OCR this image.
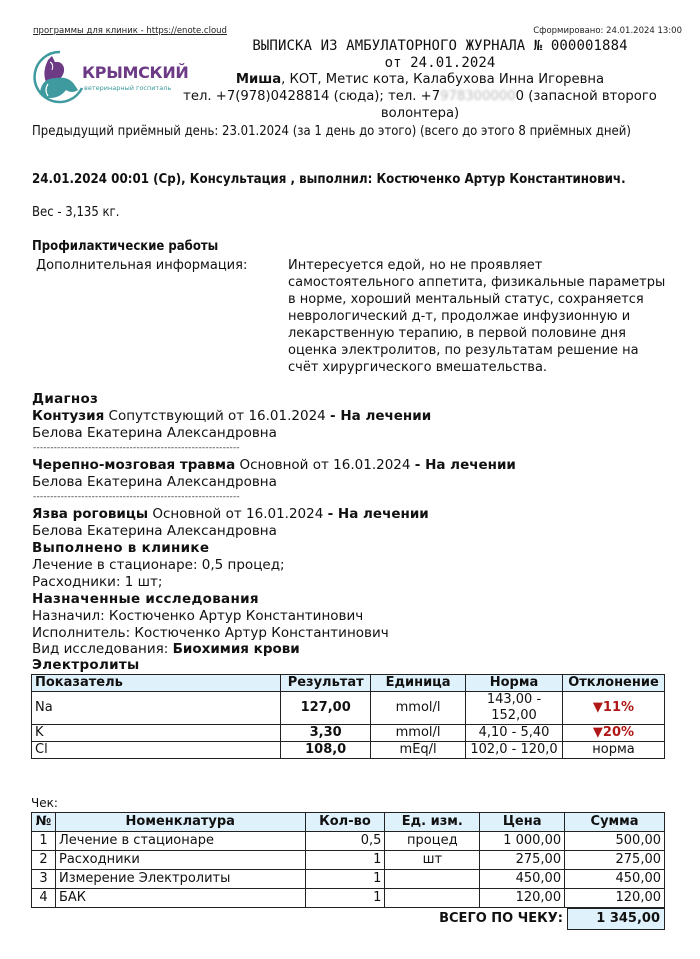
программы для клиник - https://enote.cloud	Сформировано: 24.01.2024 13:00
КРЫМСКИЙ
ветеринарный госпиталь
ВЫПИСКА ИЗ АМБУЛАТОРНОГО ЖУРНАЛА № 000001884
от 24.01.2024
Миша, КОТ, Метис кота, Калабухова Инна Игоревна
тел. +7(978)0428814 (сюда); тел. +79783000000 (запасной второго
волонтера)
Предыдущий приёмный день: 23.01.2024 (за 1 день до этого) (всего до этого 8 приёмных дней)
24.01.2024 00:01 (Ср), Консультация , выполнил: Костюченко Артур Константинович.
Вес - 3,135 кг.
Профилактические работы
Дополнительная информация:	Интересуется едой, но не проявляет самостоятельного аппетита, физикальные параметры в норме, хороший ментальный статус, сохраняется неврологический д-т, продолжае инфузионную и лекарственную терапию, в первой половине дня оценка электролитов, по результатам решение на счёт хирургического вмешательства.
Диагноз
Контузия Сопутствующий от 16.01.2024 - На лечении
Белова Екатерина Александровна
------------------------------------------------------------
Черепно-мозговая травма Основной от 16.01.2024 - На лечении
Белова Екатерина Александровна
------------------------------------------------------------
Язва роговицы Основной от 16.01.2024 - На лечении
Белова Екатерина Александровна
Выполнено в клинике
Лечение в стационаре: 0,5 процед;
Расходники: 1 шт;
Назначенные исследования
Назначил: Костюченко Артур Константинович
Исполнитель: Костюченко Артур Константинович
Вид исследования: Биохимия крови
Электролиты
Показатель	Результат	Единица	Норма	Отклонение
Na	127,00	mmol/l	143,00 - 152,00	▼11%
K	3,30	mmol/l	4,10 - 5,40	▼20%
Cl	108,0	mEq/l	102,0 - 120,0	норма
Чек:
№	Номенклатура	Кол-во	Ед. изм.	Цена	Сумма
1	Лечение в стационаре	0,5	процед	1 000,00	500,00
2	Расходники	1	шт	275,00	275,00
3	Измерение Электролиты	1		450,00	450,00
4	БАК	1		120,00	120,00
ВСЕГО ПО ЧЕКУ:	1 345,00
